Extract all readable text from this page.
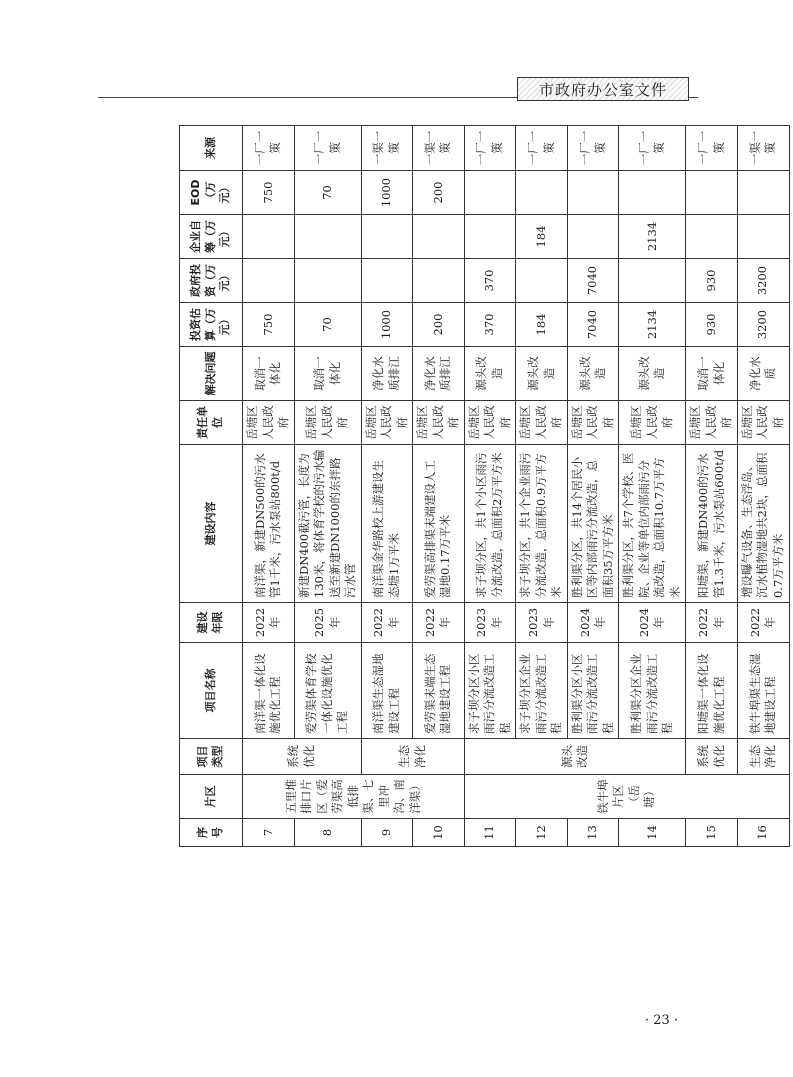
市政府办公室文件
序号	片区	项目类型	项目名称	建设年限	建设内容	责任单位	解决问题	投资估算（万元）	政府投资（万元）	企业自筹（万元）	EOD（万元）	来源
7	五里堆排口片区（爱劳渠高低排渠、七里冲沟、南洋渠）	系统优化	南洋渠一体化设施优化工程	2022年	南洋渠，新建DN500的污水管1千米，污水泵站800t/d	岳塘区人民政府	取消一体化	750			750	一厂一策
8			爱劳渠体育学校一体化设施优化工程	2025年	新建DN400截污管，长度为130米，将体育学校的污水输送至新建DN1000的东拌路污水管	岳塘区人民政府	取消一体化	70			70	一厂一策
9		生态净化	南洋渠生态湿地建设工程	2022年	南洋渠金华路校上游建设生态塘1万平米	岳塘区人民政府	净化水质排江	1000			1000	一渠一策
10			爱劳渠末端生态湿地建设工程	2022年	爱劳渠高排渠末端建设人工湿地0.17万平米	岳塘区人民政府	净化水质排江	200			200	一渠一策
11	铁牛埠片区（岳塘）	源头改造	求子坝分区小区雨污分流改造工程	2023年	求子坝分区，共1个小区雨污分流改造，总面积2万平方米	岳塘区人民政府	源头改造	370	370			一厂一策
12			求子坝分区企业雨污分流改造工程	2023年	求子坝分区，共1个企业雨污分流改造，总面积0.9万平方米	岳塘区人民政府	源头改造	184		184		一厂一策
13			胜利渠分区小区雨污分流改造工程	2024年	胜利渠分区，共14个居民小区等内部雨污分流改造，总面积35万平方米	岳塘区人民政府	源头改造	7040	7040			一厂一策
14			胜利渠分区企业雨污分流改造工程	2024年	胜利渠分区，共7个学校、医院、企业等单位内部雨污分流改造，总面积10.7万平方米	岳塘区人民政府	源头改造	2134		2134		一厂一策
15		系统优化	阳塘渠一体化设施优化工程	2022年	阳塘渠，新建DN400的污水管1.3千米，污水泵站600t/d	岳塘区人民政府	取消一体化	930	930			一厂一策
16		生态净化	铁牛埠渠生态湿地建设工程	2022年	增设曝气设备、生态浮岛、沉水植物湿地共2块，总面积0.7万平方米	岳塘区人民政府	净化水质	3200	3200			一渠一策
· 23 ·
